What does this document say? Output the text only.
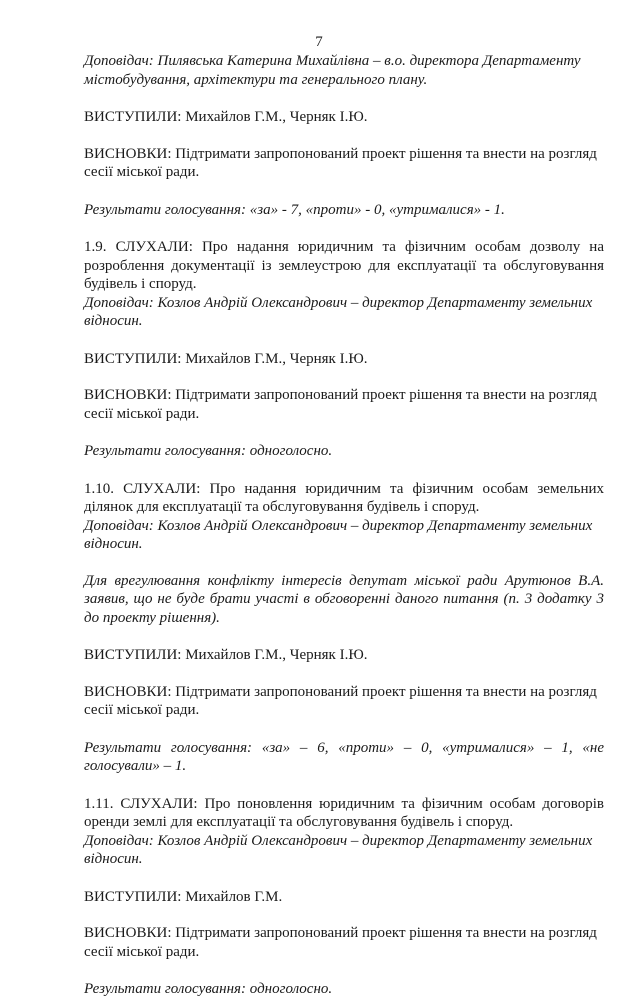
7

Доповідач: Пилявська Катерина Михайлівна – в.о. директора Департаменту містобудування, архітектури та генерального плану.

ВИСТУПИЛИ: Михайлов Г.М., Черняк І.Ю.

ВИСНОВКИ: Підтримати запропонований проект рішення та внести на розгляд сесії міської ради.

Результати голосування: «за» - 7, «проти» - 0, «утрималися» - 1.

1.9. СЛУХАЛИ: Про надання юридичним та фізичним особам дозволу на розроблення документації із землеустрою для експлуатації та обслуговування будівель і споруд.

Доповідач: Козлов Андрій Олександрович – директор Департаменту земельних відносин.

ВИСТУПИЛИ: Михайлов Г.М., Черняк І.Ю.

ВИСНОВКИ: Підтримати запропонований проект рішення та внести на розгляд сесії міської ради.

Результати голосування: одноголосно.

1.10. СЛУХАЛИ: Про надання юридичним та фізичним особам земельних ділянок для експлуатації та обслуговування будівель і споруд.

Доповідач: Козлов Андрій Олександрович – директор Департаменту земельних відносин.

Для врегулювання конфлікту інтересів депутат міської ради Арутюнов В.А. заявив, що не буде брати участі в обговоренні даного питання (п. 3 додатку 3 до проекту рішення).

ВИСТУПИЛИ: Михайлов Г.М., Черняк І.Ю.

ВИСНОВКИ: Підтримати запропонований проект рішення та внести на розгляд сесії міської ради.

Результати голосування: «за» – 6, «проти» – 0, «утрималися» – 1, «не голосували» – 1.

1.11. СЛУХАЛИ: Про поновлення юридичним та фізичним особам договорів оренди землі для експлуатації та обслуговування будівель і споруд.

Доповідач: Козлов Андрій Олександрович – директор Департаменту земельних відносин.

ВИСТУПИЛИ: Михайлов Г.М.

ВИСНОВКИ: Підтримати запропонований проект рішення та внести на розгляд сесії міської ради.

Результати голосування: одноголосно.
